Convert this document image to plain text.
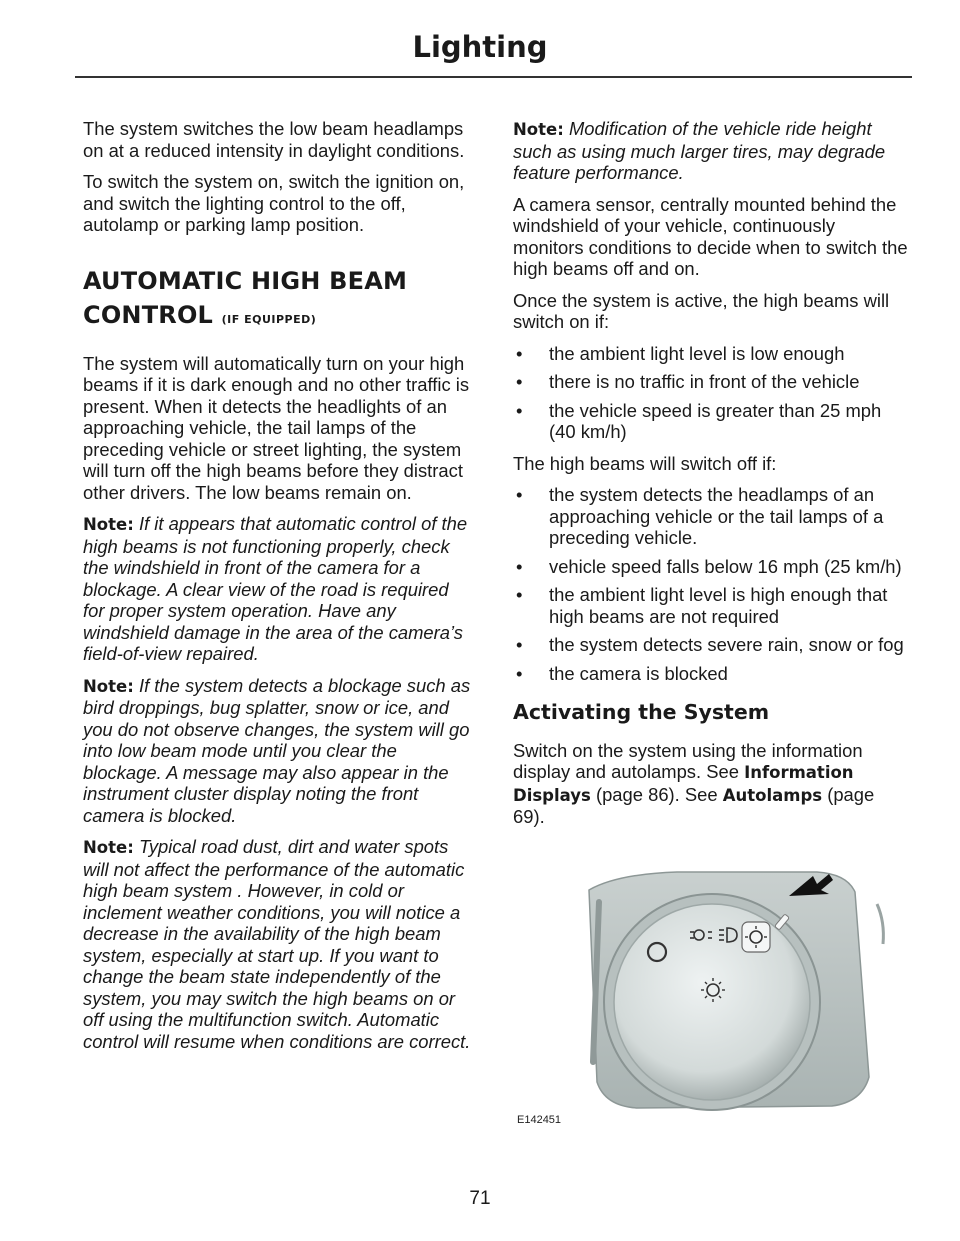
Lighting

The system switches the low beam headlamps on at a reduced intensity in daylight conditions.

To switch the system on, switch the ignition on, and switch the lighting control to the off, autolamp or parking lamp position.

AUTOMATIC HIGH BEAM CONTROL (IF EQUIPPED)

The system will automatically turn on your high beams if it is dark enough and no other traffic is present. When it detects the headlights of an approaching vehicle, the tail lamps of the preceding vehicle or street lighting, the system will turn off the high beams before they distract other drivers. The low beams remain on.

Note: If it appears that automatic control of the high beams is not functioning properly, check the windshield in front of the camera for a blockage. A clear view of the road is required for proper system operation. Have any windshield damage in the area of the camera’s field-of-view repaired.

Note: If the system detects a blockage such as bird droppings, bug splatter, snow or ice, and you do not observe changes, the system will go into low beam mode until you clear the blockage. A message may also appear in the instrument cluster display noting the front camera is blocked.

Note: Typical road dust, dirt and water spots will not affect the performance of the automatic high beam system . However, in cold or inclement weather conditions, you will notice a decrease in the availability of the high beam system, especially at start up. If you want to change the beam state independently of the system, you may switch the high beams on or off using the multifunction switch. Automatic control will resume when conditions are correct.

Note: Modification of the vehicle ride height such as using much larger tires, may degrade feature performance.

A camera sensor, centrally mounted behind the windshield of your vehicle, continuously monitors conditions to decide when to switch the high beams off and on.

Once the system is active, the high beams will switch on if:

• the ambient light level is low enough
• there is no traffic in front of the vehicle
• the vehicle speed is greater than 25 mph (40 km/h)

The high beams will switch off if:

• the system detects the headlamps of an approaching vehicle or the tail lamps of a preceding vehicle.
• vehicle speed falls below 16 mph (25 km/h)
• the ambient light level is high enough that high beams are not required
• the system detects severe rain, snow or fog
• the camera is blocked
Activating the System

Switch on the system using the information display and autolamps. See Information Displays (page 86). See Autolamps (page 69).

E142451
71
